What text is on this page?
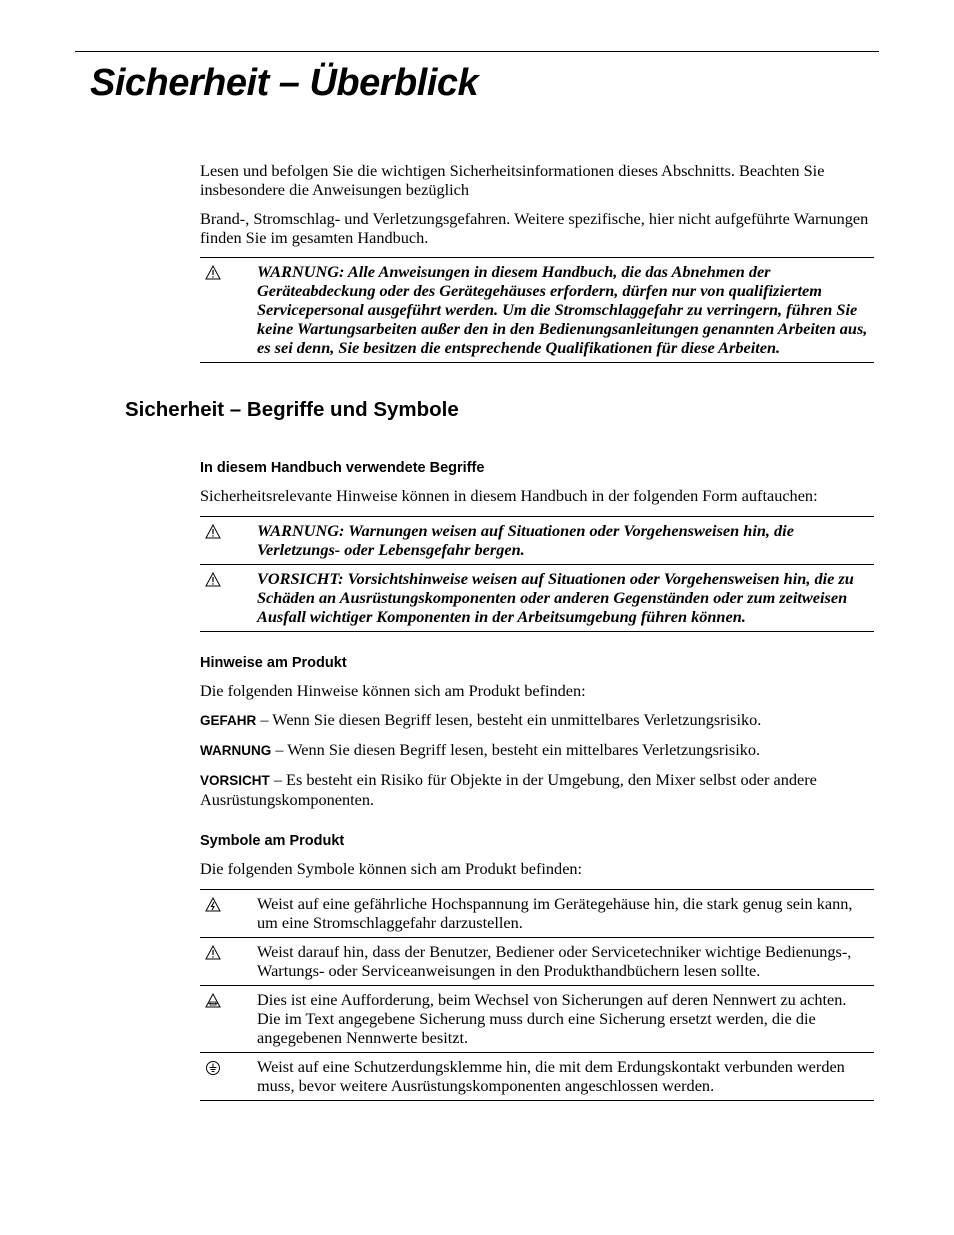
Sicherheit – Überblick

Lesen und befolgen Sie die wichtigen Sicherheitsinformationen dieses Abschnitts. Beachten Sie insbesondere die Anweisungen bezüglich

Brand-, Stromschlag- und Verletzungsgefahren. Weitere spezifische, hier nicht aufgeführte Warnungen finden Sie im gesamten Handbuch.

WARNUNG: Alle Anweisungen in diesem Handbuch, die das Abnehmen der Geräteabdeckung oder des Gerätegehäuses erfordern, dürfen nur von qualifiziertem Servicepersonal ausgeführt werden. Um die Stromschlaggefahr zu verringern, führen Sie keine Wartungsarbeiten außer den in den Bedienungsanleitungen genannten Arbeiten aus, es sei denn, Sie besitzen die entsprechende Qualifikationen für diese Arbeiten.
Sicherheit – Begriffe und Symbole
In diesem Handbuch verwendete Begriffe

Sicherheitsrelevante Hinweise können in diesem Handbuch in der folgenden Form auftauchen:

WARNUNG: Warnungen weisen auf Situationen oder Vorgehensweisen hin, die Verletzungs- oder Lebensgefahr bergen.
VORSICHT: Vorsichtshinweise weisen auf Situationen oder Vorgehensweisen hin, die zu Schäden an Ausrüstungskomponenten oder anderen Gegenständen oder zum zeitweisen Ausfall wichtiger Komponenten in der Arbeitsumgebung führen können.
Hinweise am Produkt

Die folgenden Hinweise können sich am Produkt befinden:

GEFAHR – Wenn Sie diesen Begriff lesen, besteht ein unmittelbares Verletzungsrisiko.

WARNUNG – Wenn Sie diesen Begriff lesen, besteht ein mittelbares Verletzungsrisiko.

VORSICHT – Es besteht ein Risiko für Objekte in der Umgebung, den Mixer selbst oder andere Ausrüstungskomponenten.

Symbole am Produkt

Die folgenden Symbole können sich am Produkt befinden:

Weist auf eine gefährliche Hochspannung im Gerätegehäuse hin, die stark genug sein kann, um eine Stromschlaggefahr darzustellen.
Weist darauf hin, dass der Benutzer, Bediener oder Servicetechniker wichtige Bedienungs-, Wartungs- oder Serviceanweisungen in den Produkthandbüchern lesen sollte.
Dies ist eine Aufforderung, beim Wechsel von Sicherungen auf deren Nennwert zu achten. Die im Text angegebene Sicherung muss durch eine Sicherung ersetzt werden, die die angegebenen Nennwerte besitzt.
Weist auf eine Schutzerdungsklemme hin, die mit dem Erdungskontakt verbunden werden muss, bevor weitere Ausrüstungskomponenten angeschlossen werden.
